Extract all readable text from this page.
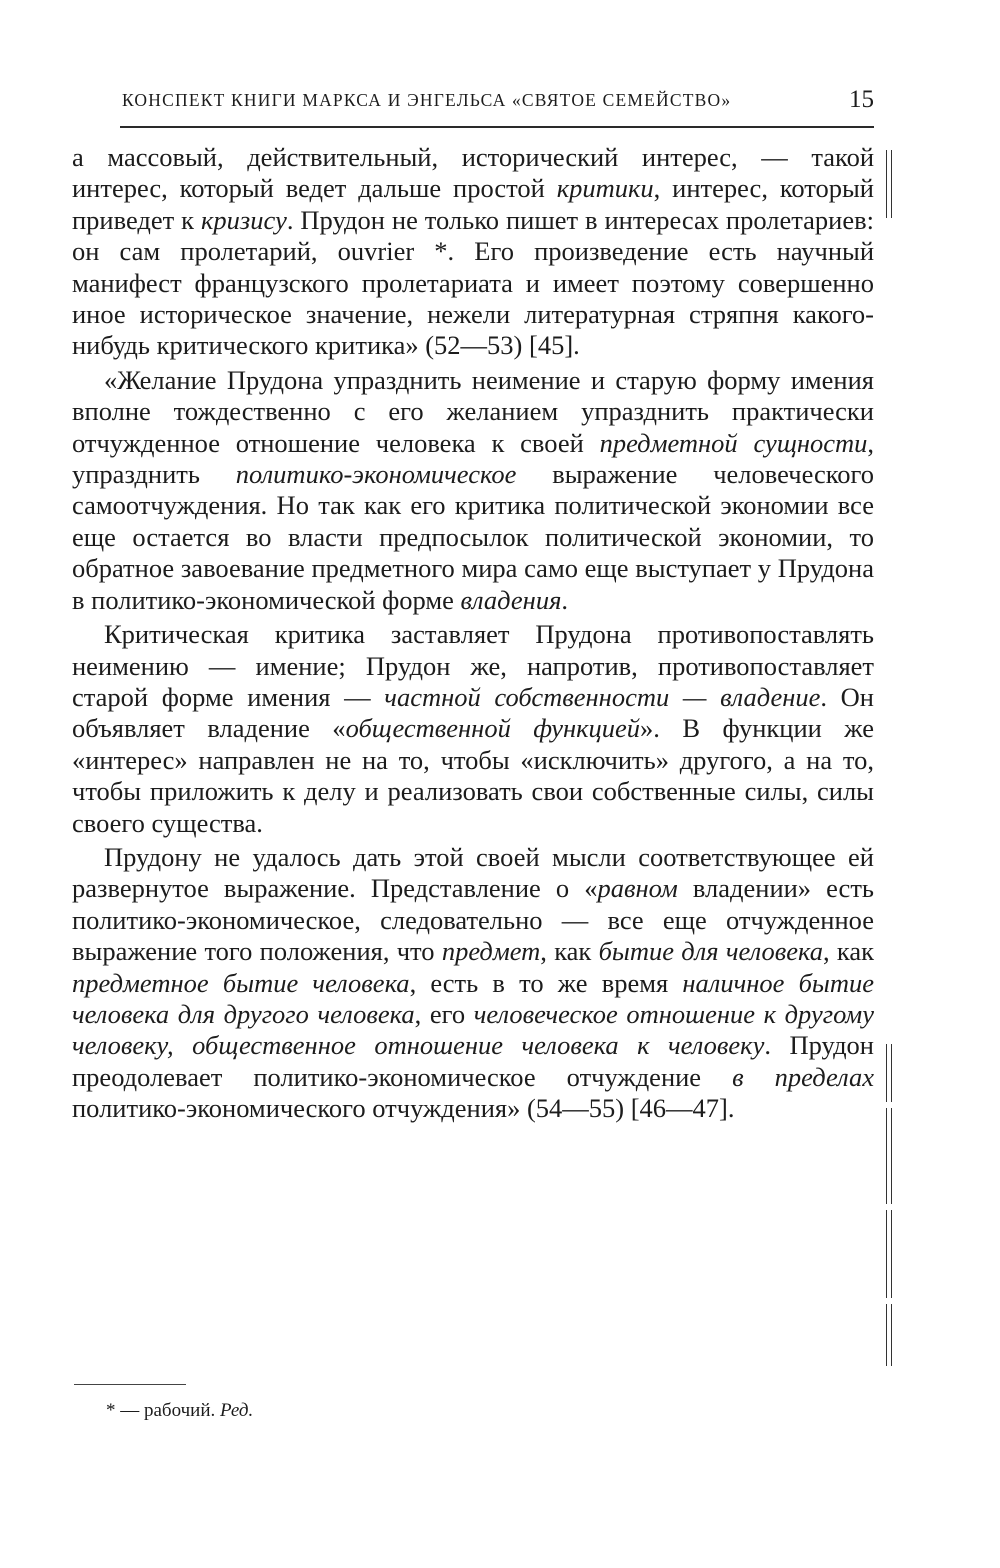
КОНСПЕКТ КНИГИ МАРКСА И ЭНГЕЛЬСА «СВЯТОЕ СЕМЕЙСТВО»	15

а массовый, действительный, исторический интерес, — такой интерес, который ведет дальше простой критики, интерес, который приведет к кризису. Прудон не только пишет в интересах пролетариев: он сам пролетарий, ouvrier *. Его произведение есть научный манифест французского пролетариата и имеет поэтому совершенно иное историческое значение, нежели литературная стряпня какого-нибудь критического критика» (52—53) [45].

«Желание Прудона упразднить неимение и старую форму имения вполне тождественно с его желанием упразднить практически отчужденное отношение человека к своей предметной сущности, упразднить политико-экономическое выражение человеческого самоотчуждения. Но так как его критика политической экономии все еще остается во власти предпосылок политической экономии, то обратное завоевание предметного мира само еще выступает у Прудона в политико-экономической форме владения.

Критическая критика заставляет Прудона противопоставлять неимению — имение; Прудон же, напротив, противопоставляет старой форме имения — частной собственности — владение. Он объявляет владение «общественной функцией». В функции же «интерес» направлен не на то, чтобы «исключить» другого, а на то, чтобы приложить к делу и реализовать свои собственные силы, силы своего существа.

Прудону не удалось дать этой своей мысли соответствующее ей развернутое выражение. Представление о «равном владении» есть политико-экономическое, следовательно — все еще отчужденное выражение того положения, что предмет, как бытие для человека, как предметное бытие человека, есть в то же время наличное бытие человека для другого человека, его человеческое отношение к другому человеку, общественное отношение человека к человеку. Прудон преодолевает политико-экономическое отчуждение в пределах политико-экономического отчуждения» (54—55) [46—47].

* — рабочий. Ред.
